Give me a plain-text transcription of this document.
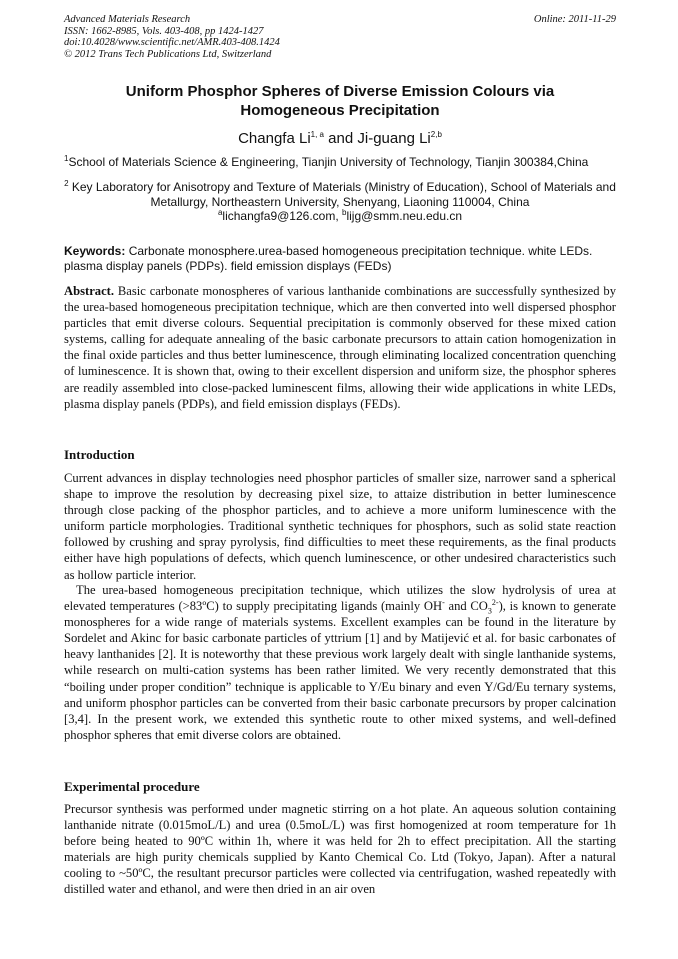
Advanced Materials Research
ISSN: 1662-8985, Vols. 403-408, pp 1424-1427
doi:10.4028/www.scientific.net/AMR.403-408.1424
© 2012 Trans Tech Publications Ltd, Switzerland
Online: 2011-11-29
Uniform Phosphor Spheres of Diverse Emission Colours via
Homogeneous Precipitation
Changfa Li$^{1, a}$ and Ji-guang Li$^{2,b}$
$^1$School of Materials Science & Engineering, Tianjin University of Technology, Tianjin 300384,China
$^2$ Key Laboratory for Anisotropy and Texture of Materials (Ministry of Education), School of Materials and Metallurgy, Northeastern University, Shenyang, Liaoning 110004, China
$^a$lichangfa9@126.com, $^b$lijg@smm.neu.edu.cn
Keywords: Carbonate monosphere.urea-based homogeneous precipitation technique. white LEDs. plasma display panels (PDPs). field emission displays (FEDs)
Abstract. Basic carbonate monospheres of various lanthanide combinations are successfully synthesized by the urea-based homogeneous precipitation technique, which are then converted into well dispersed phosphor particles that emit diverse colours. Sequential precipitation is commonly observed for these mixed cation systems, calling for adequate annealing of the basic carbonate precursors to attain cation homogenization in the final oxide particles and thus better luminescence, through eliminating localized concentration quenching of luminescence. It is shown that, owing to their excellent dispersion and uniform size, the phosphor spheres are readily assembled into close-packed luminescent films, allowing their wide applications in white LEDs, plasma display panels (PDPs), and field emission displays (FEDs).
Introduction
Current advances in display technologies need phosphor particles of smaller size, narrower sand a spherical shape to improve the resolution by decreasing pixel size, to attaize distribution in better luminescence through close packing of the phosphor particles, and to achieve a more uniform luminescence with the uniform particle morphologies. Traditional synthetic techniques for phosphors, such as solid state reaction followed by crushing and spray pyrolysis, find difficulties to meet these requirements, as the final products either have high populations of defects, which quench luminescence, or other undesired characteristics such as hollow particle interior.
The urea-based homogeneous precipitation technique, which utilizes the slow hydrolysis of urea at elevated temperatures (>83ºC) to supply precipitating ligands (mainly OH- and $CO_3^{2-}$), is known to generate monospheres for a wide range of materials systems. Excellent examples can be found in the literature by Sordelet and Akinc for basic carbonate particles of yttrium [1] and by Matijević et al. for basic carbonates of heavy lanthanides [2]. It is noteworthy that these previous work largely dealt with single lanthanide systems, while research on multi-cation systems has been rather limited. We very recently demonstrated that this “boiling under proper condition” technique is applicable to Y/Eu binary and even Y/Gd/Eu ternary systems, and uniform phosphor particles can be converted from their basic carbonate precursors by proper calcination [3,4]. In the present work, we extended this synthetic route to other mixed systems, and well-defined phosphor spheres that emit diverse colors are obtained.
Experimental procedure
Precursor synthesis was performed under magnetic stirring on a hot plate. An aqueous solution containing lanthanide nitrate (0.015moL/L) and urea (0.5moL/L) was first homogenized at room temperature for 1h before being heated to 90ºC within 1h, where it was held for 2h to effect precipitation. All the starting materials are high purity chemicals supplied by Kanto Chemical Co. Ltd (Tokyo, Japan). After a natural cooling to ~50ºC, the resultant precursor particles were collected via centrifugation, washed repeatedly with distilled water and ethanol, and were then dried in an air oven
